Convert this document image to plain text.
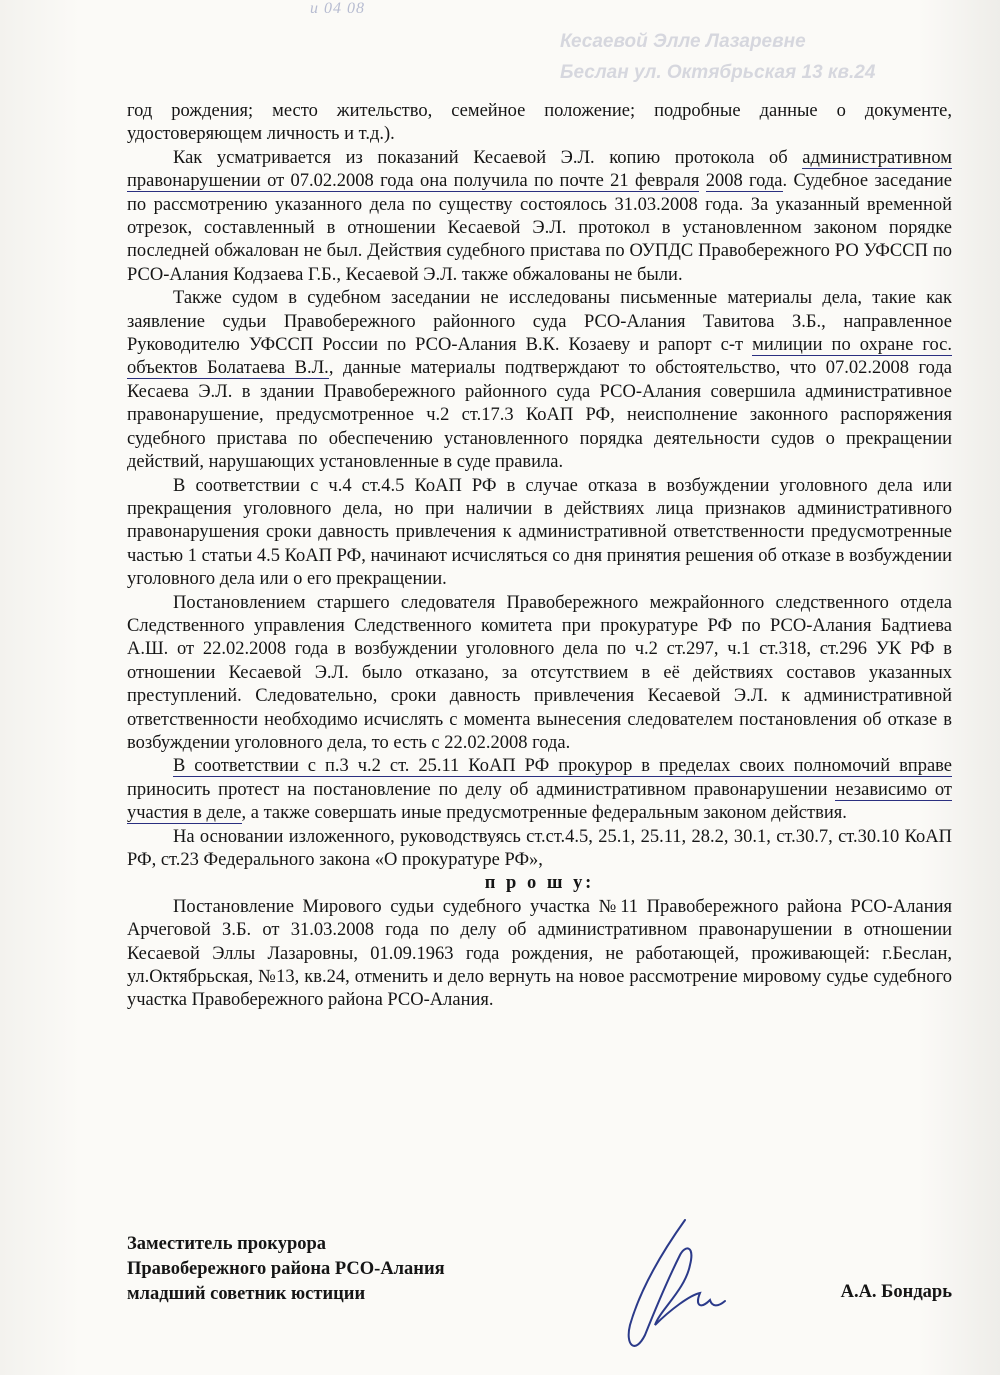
и 04 08
Кесаевой Элле Лазаревне
Беслан ул. Октябрьская 13 кв.24

год рождения; место жительство, семейное положение; подробные данные о документе, удостоверяющем личность и т.д.).

Как усматривается из показаний Кесаевой Э.Л. копию протокола об административном правонарушении от 07.02.2008 года она получила по почте 21 февраля 2008 года. Судебное заседание по рассмотрению указанного дела по существу состоялось 31.03.2008 года. За указанный временной отрезок, составленный в отношении Кесаевой Э.Л. протокол в установленном законом порядке последней обжалован не был. Действия судебного пристава по ОУПДС Правобережного РО УФССП по РСО-Алания Кодзаева Г.Б., Кесаевой Э.Л. также обжалованы не были.

Также судом в судебном заседании не исследованы письменные материалы дела, такие как заявление судьи Правобережного районного суда РСО-Алания Тавитова З.Б., направленное Руководителю УФССП России по РСО-Алания В.К. Козаеву и рапорт с-т милиции по охране гос. объектов Болатаева В.Л., данные материалы подтверждают то обстоятельство, что 07.02.2008 года Кесаева Э.Л. в здании Правобережного районного суда РСО-Алания совершила административное правонарушение, предусмотренное ч.2 ст.17.3 КоАП РФ, неисполнение законного распоряжения судебного пристава по обеспечению установленного порядка деятельности судов о прекращении действий, нарушающих установленные в суде правила.

В соответствии с ч.4 ст.4.5 КоАП РФ в случае отказа в возбуждении уголовного дела или прекращения уголовного дела, но при наличии в действиях лица признаков административного правонарушения сроки давность привлечения к административной ответственности предусмотренные частью 1 статьи 4.5 КоАП РФ, начинают исчисляться со дня принятия решения об отказе в возбуждении уголовного дела или о его прекращении.

Постановлением старшего следователя Правобережного межрайонного следственного отдела Следственного управления Следственного комитета при прокуратуре РФ по РСО-Алания Бадтиева А.Ш. от 22.02.2008 года в возбуждении уголовного дела по ч.2 ст.297, ч.1 ст.318, ст.296 УК РФ в отношении Кесаевой Э.Л. было отказано, за отсутствием в её действиях составов указанных преступлений. Следовательно, сроки давность привлечения Кесаевой Э.Л. к административной ответственности необходимо исчислять с момента вынесения следователем постановления об отказе в возбуждении уголовного дела, то есть с 22.02.2008 года.

В соответствии с п.3 ч.2 ст. 25.11 КоАП РФ прокурор в пределах своих полномочий вправе приносить протест на постановление по делу об административном правонарушении независимо от участия в деле, а также совершать иные предусмотренные федеральным законом действия.

На основании изложенного, руководствуясь ст.ст.4.5, 25.1, 25.11, 28.2, 30.1, ст.30.7, ст.30.10 КоАП РФ, ст.23 Федерального закона «О прокуратуре РФ»,

п р о ш у:

Постановление Мирового судьи судебного участка №11 Правобережного района РСО-Алания Арчеговой З.Б. от 31.03.2008 года по делу об административном правонарушении в отношении Кесаевой Эллы Лазаровны, 01.09.1963 года рождения, не работающей, проживающей: г.Беслан, ул.Октябрьская, №13, кв.24, отменить и дело вернуть на новое рассмотрение мировому судье судебного участка Правобережного района РСО-Алания.

Заместитель прокурора
Правобережного района РСО-Алания
младший советник юстиции	А.А. Бондарь
